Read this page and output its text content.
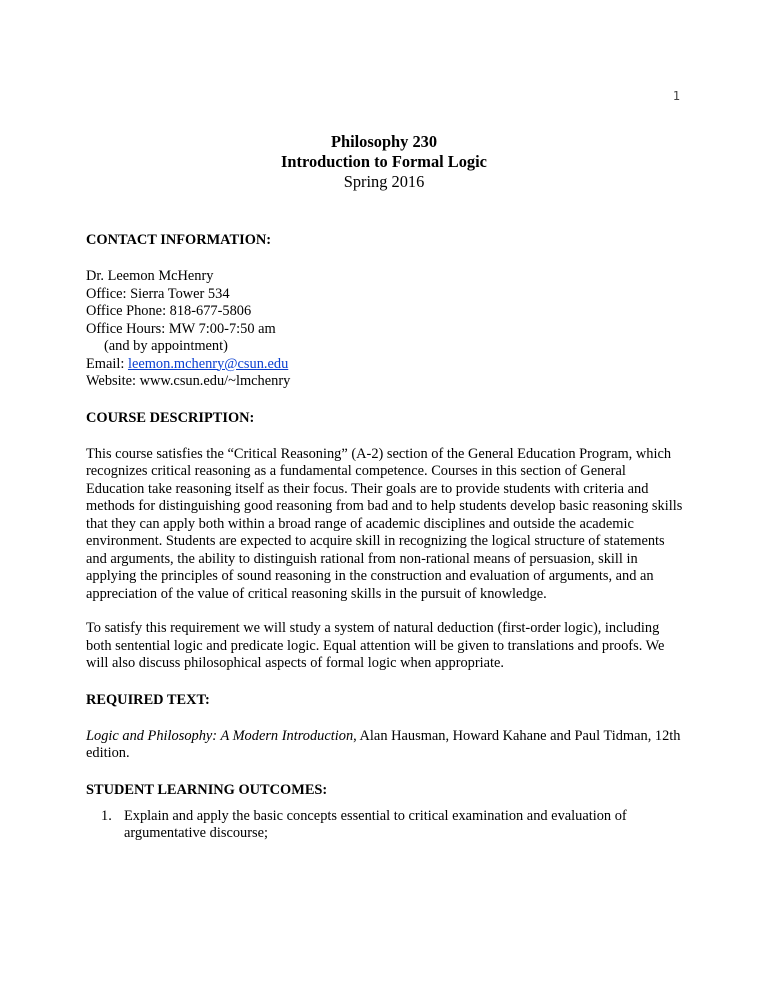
1
Philosophy 230
Introduction to Formal Logic
Spring 2016
CONTACT INFORMATION:
Dr. Leemon McHenry
Office: Sierra Tower 534
Office Phone: 818-677-5806
Office Hours: MW 7:00-7:50 am
(and by appointment)
Email: leemon.mchenry@csun.edu
Website: www.csun.edu/~lmchenry
COURSE DESCRIPTION:

This course satisfies the “Critical Reasoning” (A-2) section of the General Education Program, which recognizes critical reasoning as a fundamental competence. Courses in this section of General Education take reasoning itself as their focus. Their goals are to provide students with criteria and methods for distinguishing good reasoning from bad and to help students develop basic reasoning skills that they can apply both within a broad range of academic disciplines and outside the academic environment. Students are expected to acquire skill in recognizing the logical structure of statements and arguments, the ability to distinguish rational from non-rational means of persuasion, skill in applying the principles of sound reasoning in the construction and evaluation of arguments, and an appreciation of the value of critical reasoning skills in the pursuit of knowledge.

To satisfy this requirement we will study a system of natural deduction (first-order logic), including both sentential logic and predicate logic. Equal attention will be given to translations and proofs. We will also discuss philosophical aspects of formal logic when appropriate.

REQUIRED TEXT:

Logic and Philosophy: A Modern Introduction, Alan Hausman, Howard Kahane and Paul Tidman, 12th edition.

STUDENT LEARNING OUTCOMES:
1. Explain and apply the basic concepts essential to critical examination and evaluation of argumentative discourse;
